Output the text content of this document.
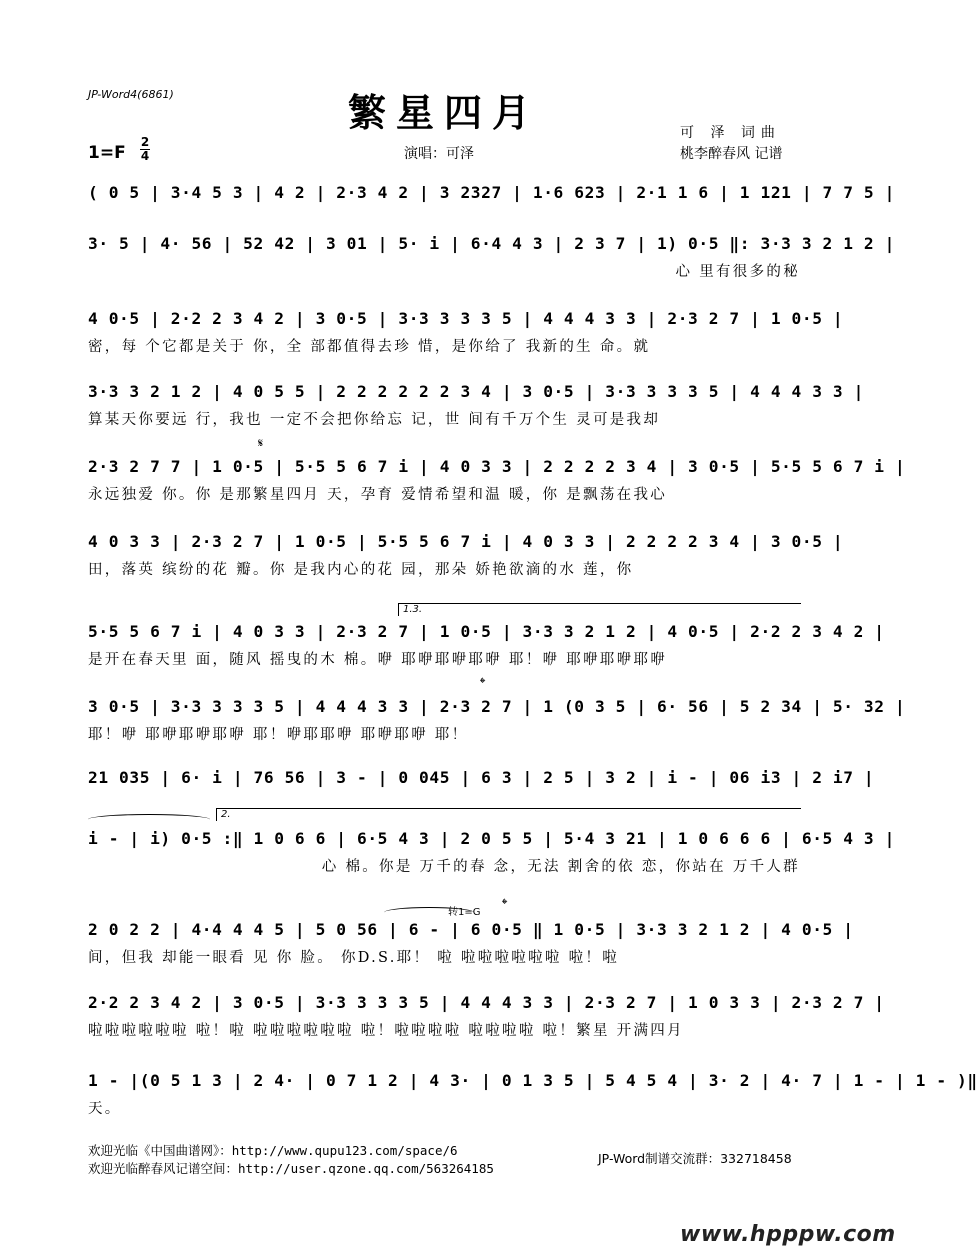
JP-Word4(6861)	繁星四月
1=F
2
4	演唱：可泽
可 泽 词曲
桃李醉春风 记谱
( 0 5 | 3·4 5 3 | 4 2 | 2·3 4 2 | 3 2327 | 1·6 623 | 2·1 1 6 | 1 121 | 7 7 5 |
3· 5 | 4· 56 | 52 42 | 3 01 | 5· i | 6·4 4 3 | 2 3 7 | 1) 0·5 ‖: 3·3 3 2 1 2 |
心 里有很多的秘
4 0·5 | 2·2 2 3 4 2 | 3 0·5 | 3·3 3 3 3 5 | 4 4 4 3 3 | 2·3 2 7 | 1 0·5 |
密，每 个它都是关于 你，全 部都值得去珍 惜，是你给了 我新的生 命。就
3·3 3 2 1 2 | 4 0 5 5 | 2 2 2 2 2 2 3 4 | 3 0·5 | 3·3 3 3 3 5 | 4 4 4 3 3 |
算某天你要远 行，我也 一定不会把你给忘 记，世 间有千万个生 灵可是我却
𝄋
2·3 2 7 7 | 1 0·5 | 5·5 5 6 7 i | 4 0 3 3 | 2 2 2 2 3 4 | 3 0·5 | 5·5 5 6 7 i |
永远独爱 你。你 是那繁星四月 天，孕育 爱情希望和温 暖，你 是飘荡在我心
4 0 3 3 | 2·3 2 7 | 1 0·5 | 5·5 5 6 7 i | 4 0 3 3 | 2 2 2 2 3 4 | 3 0·5 |
田，落英 缤纷的花 瓣。你 是我内心的花 园，那朵 娇艳欲滴的水 莲，你
1.3.
5·5 5 6 7 i | 4 0 3 3 | 2·3 2 7 | 1 0·5 | 3·3 3 2 1 2 | 4 0·5 | 2·2 2 3 4 2 |
是开在春天里 面，随风 摇曳的木 棉。咿 耶咿耶咿耶咿 耶！咿 耶咿耶咿耶咿
𝄌
3 0·5 | 3·3 3 3 3 5 | 4 4 4 3 3 | 2·3 2 7 | 1 (0 3 5 | 6· 56 | 5 2 34 | 5· 32 |
耶！咿 耶咿耶咿耶咿 耶！咿耶耶咿 耶咿耶咿 耶！
21 035 | 6· i | 76 56 | 3 - | 0 045 | 6 3 | 2 5 | 3 2 | i - | 06 i3 | 2 i7 |
2.
i - | i) 0·5 :‖ 1 0 6 6 | 6·5 4 3 | 2 0 5 5 | 5·4 3 21 | 1 0 6 6 6 | 6·5 4 3 |
心 棉。你是 万千的春 念，无法 割舍的依 恋，你站在 万千人群
转1=G 𝄌
2 0 2 2 | 4·4 4 4 5 | 5 0 56 | 6 - | 6 0·5 ‖ 1 0·5 | 3·3 3 2 1 2 | 4 0·5 |
间，但我 却能一眼看 见 你 脸。 你D.S.耶！ 啦 啦啦啦啦啦啦 啦！啦
2·2 2 3 4 2 | 3 0·5 | 3·3 3 3 3 5 | 4 4 4 3 3 | 2·3 2 7 | 1 0 3 3 | 2·3 2 7 |
啦啦啦啦啦啦 啦！啦 啦啦啦啦啦啦 啦！啦啦啦啦 啦啦啦啦 啦！繁星 开满四月
1 - |(0 5 1 3 | 2 4· | 0 7 1 2 | 4 3· | 0 1 3 5 | 5 4 5 4 | 3· 2 | 4· 7 | 1 - | 1 - )‖
天。
欢迎光临《中国曲谱网》：http://www.qupu123.com/space/6
欢迎光临醉春风记谱空间：http://user.qzone.qq.com/563264185
JP-Word制谱交流群：332718458
www.hpppw.com
